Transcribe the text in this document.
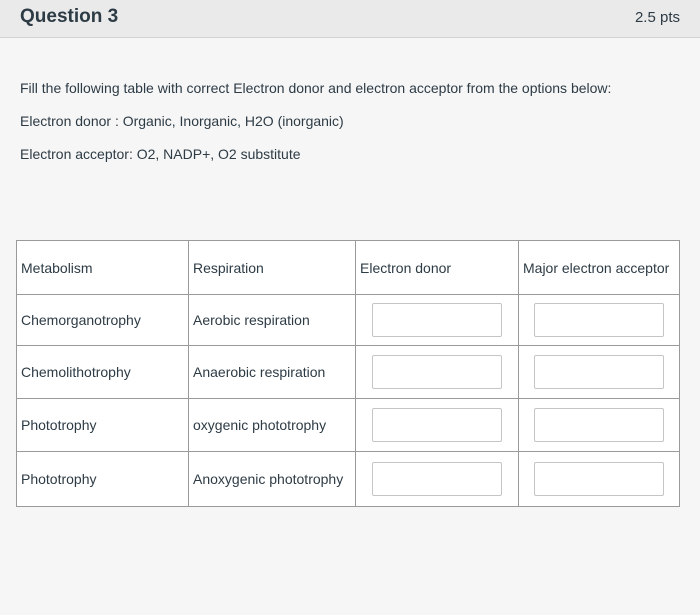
Question 3	2.5 pts
Fill the following table with correct Electron donor and electron acceptor from the options below:
Electron donor : Organic, Inorganic, H2O (inorganic)
Electron acceptor: O2, NADP+, O2 substitute
Metabolism	Respiration	Electron donor	Major electron acceptor
Chemorganotrophy	Aerobic respiration	

Chemolithotrophy	Anaerobic respiration	

Phototrophy	oxygenic phototrophy	

Phototrophy	Anoxygenic phototrophy	
